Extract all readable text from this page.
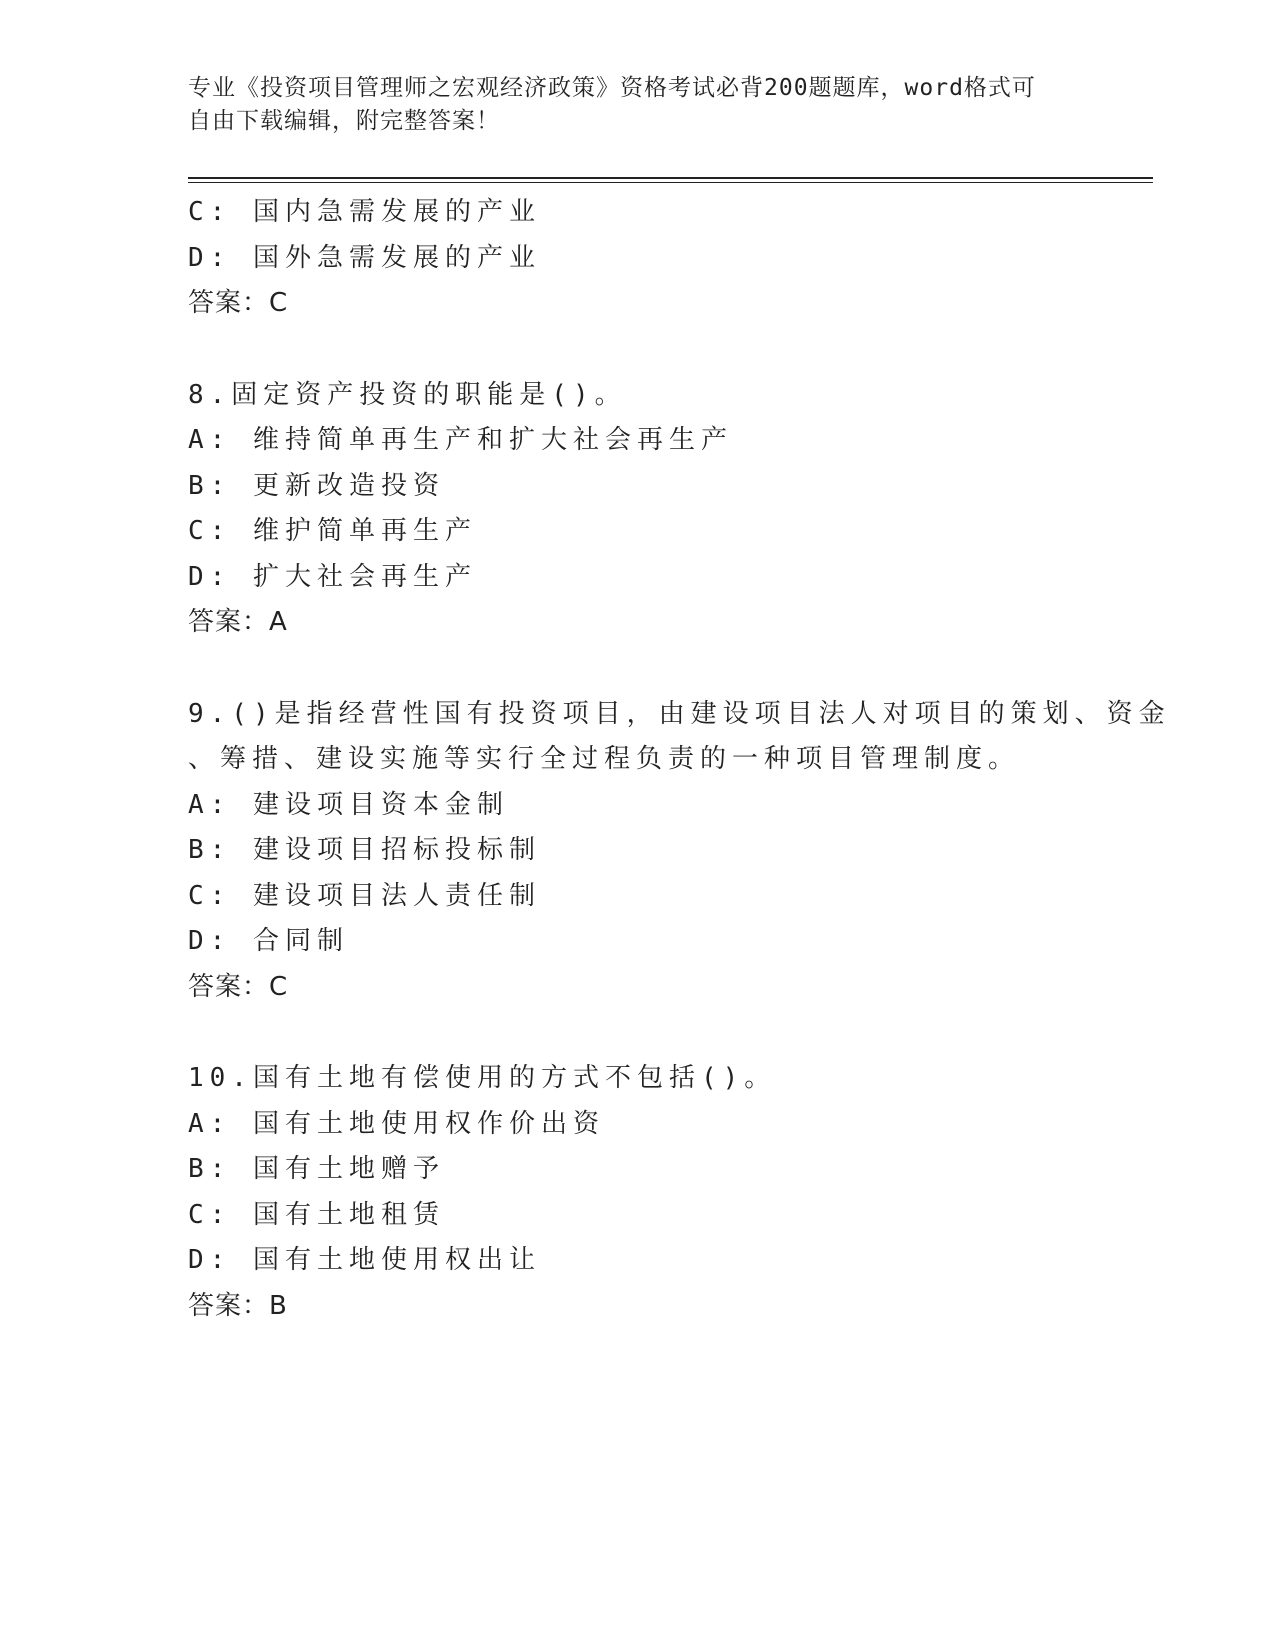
专业《投资项目管理师之宏观经济政策》资格考试必背200题题库，word格式可
自由下载编辑，附完整答案！
C: 国内急需发展的产业
D: 国外急需发展的产业
答案：C
8.固定资产投资的职能是()。
A: 维持简单再生产和扩大社会再生产
B: 更新改造投资
C: 维护简单再生产
D: 扩大社会再生产
答案：A
9.()是指经营性国有投资项目，由建设项目法人对项目的策划、资金
、筹措、建设实施等实行全过程负责的一种项目管理制度。
A: 建设项目资本金制
B: 建设项目招标投标制
C: 建设项目法人责任制
D: 合同制
答案：C
10.国有土地有偿使用的方式不包括()。
A: 国有土地使用权作价出资
B: 国有土地赠予
C: 国有土地租赁
D: 国有土地使用权出让
答案：B
